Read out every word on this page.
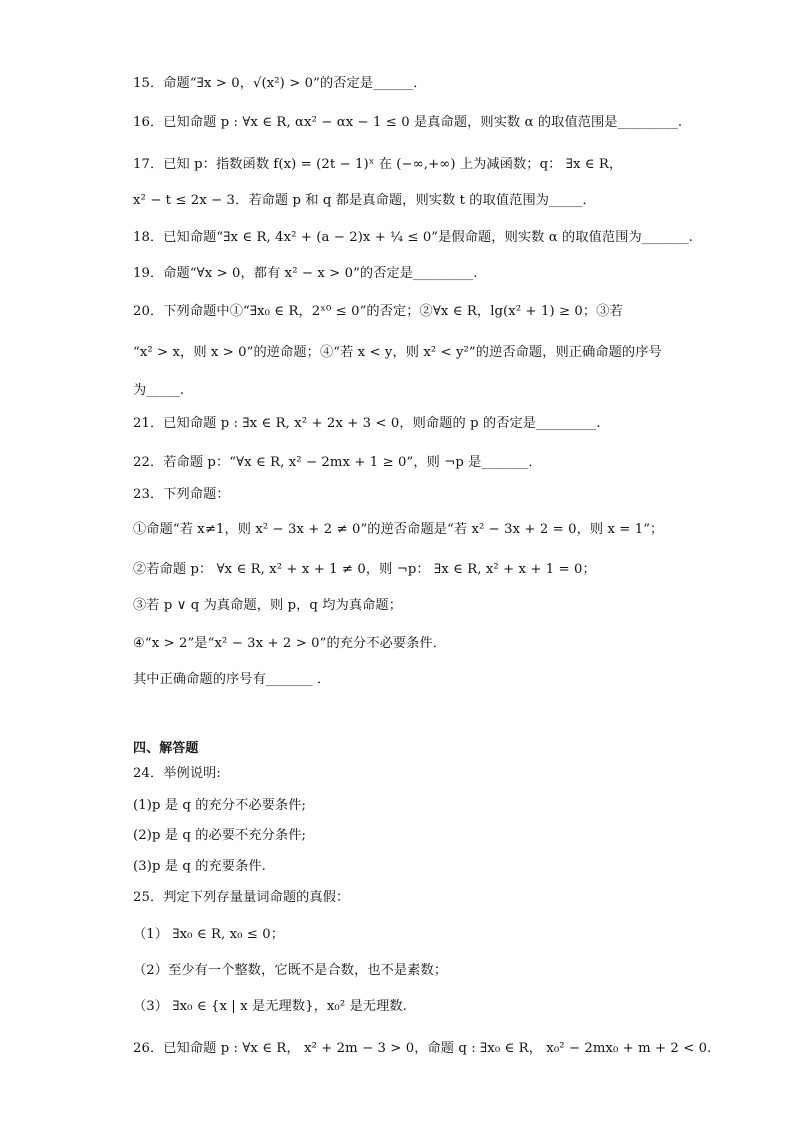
15．命题“∃x > 0，√(x²) > 0”的否定是______．
16．已知命题 p : ∀x ∈ R, αx² − αx − 1 ≤ 0 是真命题，则实数 α 的取值范围是_________.
17．已知 p：指数函数 f(x) = (2t − 1)ˣ 在 (−∞,+∞) 上为减函数；q： ∃x ∈ R，
x² − t ≤ 2x − 3．若命题 p 和 q 都是真命题，则实数 t 的取值范围为_____．
18．已知命题“∃x ∈ R, 4x² + (a − 2)x + ¼ ≤ 0”是假命题，则实数 α 的取值范围为_______.
19．命题“∀x > 0，都有 x² − x > 0”的否定是_________.
20．下列命题中①“∃x₀ ∈ R，2ˣ⁰ ≤ 0”的否定；②∀x ∈ R，lg(x² + 1) ≥ 0；③若
“x² > x，则 x > 0”的逆命题；④“若 x < y，则 x² < y²”的逆否命题，则正确命题的序号
为_____.
21．已知命题 p : ∃x ∈ R, x² + 2x + 3 < 0，则命题的 p 的否定是_________.
22．若命题 p：“∀x ∈ R, x² − 2mx + 1 ≥ 0”，则 ¬p 是_______．
23．下列命题：
①命题“若 x≠1，则 x² − 3x + 2 ≠ 0”的逆否命题是“若 x² − 3x + 2 = 0，则 x = 1”；
②若命题 p： ∀x ∈ R, x² + x + 1 ≠ 0，则 ¬p： ∃x ∈ R, x² + x + 1 = 0；
③若 p ∨ q 为真命题，则 p，q 均为真命题；
④“x > 2”是“x² − 3x + 2 > 0”的充分不必要条件．
其中正确命题的序号有_______ ．
四、解答题
24．举例说明:
(1)p 是 q 的充分不必要条件;
(2)p 是 q 的必要不充分条件;
(3)p 是 q 的充要条件.
25．判定下列存量量词命题的真假：
（1） ∃x₀ ∈ R, x₀ ≤ 0；
（2）至少有一个整数，它既不是合数，也不是素数；
（3） ∃x₀ ∈ {x | x 是无理数}，x₀² 是无理数.
26．已知命题 p : ∀x ∈ R， x² + 2m − 3 > 0，命题 q : ∃x₀ ∈ R， x₀² − 2mx₀ + m + 2 < 0.
